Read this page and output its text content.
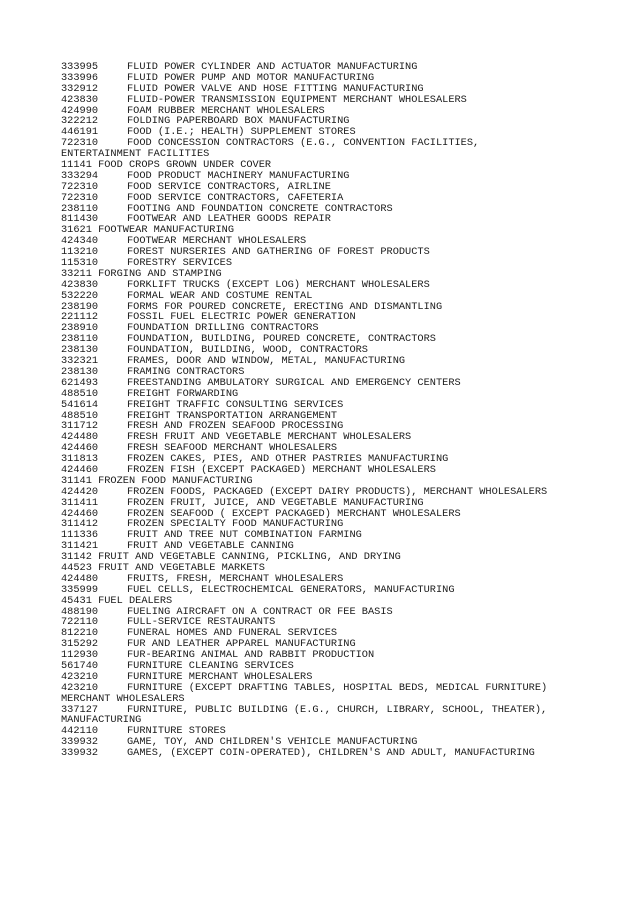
333995	FLUID POWER CYLINDER AND ACTUATOR MANUFACTURING
333996	FLUID POWER PUMP AND MOTOR MANUFACTURING
332912	FLUID POWER VALVE AND HOSE FITTING MANUFACTURING
423830	FLUID-POWER TRANSMISSION EQUIPMENT MERCHANT WHOLESALERS
424990	FOAM RUBBER MERCHANT WHOLESALERS
322212	FOLDING PAPERBOARD BOX MANUFACTURING
446191	FOOD (I.E.; HEALTH) SUPPLEMENT STORES
722310	FOOD CONCESSION CONTRACTORS (E.G., CONVENTION FACILITIES,
ENTERTAINMENT FACILITIES
11141 FOOD CROPS GROWN UNDER COVER
333294	FOOD PRODUCT MACHINERY MANUFACTURING
722310	FOOD SERVICE CONTRACTORS, AIRLINE
722310	FOOD SERVICE CONTRACTORS, CAFETERIA
238110	FOOTING AND FOUNDATION CONCRETE CONTRACTORS
811430	FOOTWEAR AND LEATHER GOODS REPAIR
31621 FOOTWEAR MANUFACTURING
424340	FOOTWEAR MERCHANT WHOLESALERS
113210	FOREST NURSERIES AND GATHERING OF FOREST PRODUCTS
115310	FORESTRY SERVICES
33211 FORGING AND STAMPING
423830	FORKLIFT TRUCKS (EXCEPT LOG) MERCHANT WHOLESALERS
532220	FORMAL WEAR AND COSTUME RENTAL
238190	FORMS FOR POURED CONCRETE, ERECTING AND DISMANTLING
221112	FOSSIL FUEL ELECTRIC POWER GENERATION
238910	FOUNDATION DRILLING CONTRACTORS
238110	FOUNDATION, BUILDING, POURED CONCRETE, CONTRACTORS
238130	FOUNDATION, BUILDING, WOOD, CONTRACTORS
332321	FRAMES, DOOR AND WINDOW, METAL, MANUFACTURING
238130	FRAMING CONTRACTORS
621493	FREESTANDING AMBULATORY SURGICAL AND EMERGENCY CENTERS
488510	FREIGHT FORWARDING
541614	FREIGHT TRAFFIC CONSULTING SERVICES
488510	FREIGHT TRANSPORTATION ARRANGEMENT
311712	FRESH AND FROZEN SEAFOOD PROCESSING
424480	FRESH FRUIT AND VEGETABLE MERCHANT WHOLESALERS
424460	FRESH SEAFOOD MERCHANT WHOLESALERS
311813	FROZEN CAKES, PIES, AND OTHER PASTRIES MANUFACTURING
424460	FROZEN FISH (EXCEPT PACKAGED) MERCHANT WHOLESALERS
31141 FROZEN FOOD MANUFACTURING
424420	FROZEN FOODS, PACKAGED (EXCEPT DAIRY PRODUCTS), MERCHANT WHOLESALERS
311411	FROZEN FRUIT, JUICE, AND VEGETABLE MANUFACTURING
424460	FROZEN SEAFOOD ( EXCEPT PACKAGED) MERCHANT WHOLESALERS
311412	FROZEN SPECIALTY FOOD MANUFACTURING
111336	FRUIT AND TREE NUT COMBINATION FARMING
311421	FRUIT AND VEGETABLE CANNING
31142 FRUIT AND VEGETABLE CANNING, PICKLING, AND DRYING
44523 FRUIT AND VEGETABLE MARKETS
424480	FRUITS, FRESH, MERCHANT WHOLESALERS
335999	FUEL CELLS, ELECTROCHEMICAL GENERATORS, MANUFACTURING
45431 FUEL DEALERS
488190	FUELING AIRCRAFT ON A CONTRACT OR FEE BASIS
722110	FULL-SERVICE RESTAURANTS
812210	FUNERAL HOMES AND FUNERAL SERVICES
315292	FUR AND LEATHER APPAREL MANUFACTURING
112930	FUR-BEARING ANIMAL AND RABBIT PRODUCTION
561740	FURNITURE CLEANING SERVICES
423210	FURNITURE MERCHANT WHOLESALERS
423210	FURNITURE (EXCEPT DRAFTING TABLES, HOSPITAL BEDS, MEDICAL FURNITURE)
MERCHANT WHOLESALERS
337127	FURNITURE, PUBLIC BUILDING (E.G., CHURCH, LIBRARY, SCHOOL, THEATER),
MANUFACTURING
442110	FURNITURE STORES
339932	GAME, TOY, AND CHILDREN'S VEHICLE MANUFACTURING
339932	GAMES, (EXCEPT COIN-OPERATED), CHILDREN'S AND ADULT, MANUFACTURING
